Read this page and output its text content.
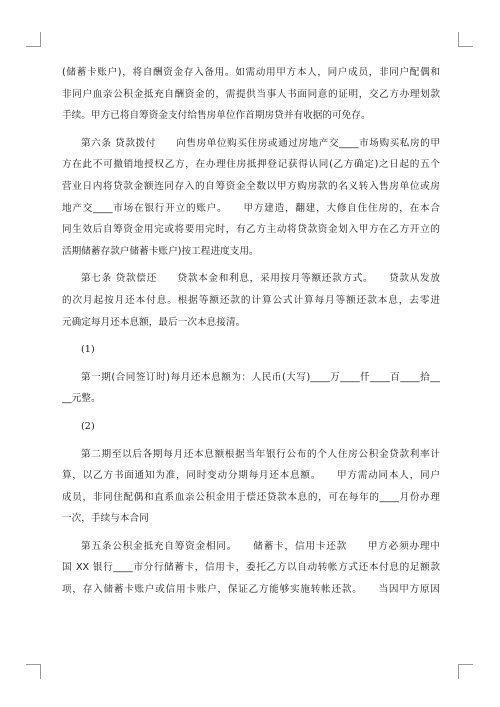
(储蓄卡账户)，将自酬资金存入备用。如需动用甲方本人，同户成员，非同户配偶和
非同户血亲公积金抵充自酬资金的，需提供当事人书面同意的证明，交乙方办理划款
手续。甲方已将自筹资金支付给售房单位作首期房贷并有收据的可免存。
第六条 贷款拨付　　向售房单位购买住房或通过房地产交____市场购买私房的甲
方在此不可撤销地授权乙方，在办理住房抵押登记获得认同(乙方确定)之日起的五个
营业日内将贷款金额连同存入的自筹资金全数以甲方购房款的名义转入售房单位或房
地产交____市场在银行开立的账户。　　甲方建造，翻建，大修自住住房的，在本合
同生效后自筹资金用完或将要用完时，有乙方主动将贷款资金划入甲方在乙方开立的
活期储蓄存款户储蓄卡账户)按工程进度支用。
第七条 贷款偿还　　贷款本金和利息，采用按月等额还款方式。　　贷款从发放
的次月起按月还本付息。根据等额还款的计算公式计算每月等额还款本息，去零进
元确定每月还本息额，最后一次本息接清。
(1)
第一期(合同签订时)每月还本息额为：人民币(大写)____万____仟____百____拾__
__元整。
(2)
第二期至以后各期每月还本息额根据当年银行公布的个人住房公积金贷款利率计
算，以乙方书面通知为准，同时变动分期每月还本息额。　　甲方需动同本人，同户
成员，非同住配偶和直系血亲公积金用于偿还贷款本息的，可在每年的____月份办理
一次，手续与本合同
第五条公积金抵充自筹资金相同。　　储蓄卡，信用卡还款　　甲方必须办理中
国 XX 银行____市分行储蓄卡，信用卡，委托乙方以自动转帐方式还本付息的足额款
项，存入储蓄卡账户或信用卡账户，保证乙方能够实施转帐还款。　　当因甲方原因
